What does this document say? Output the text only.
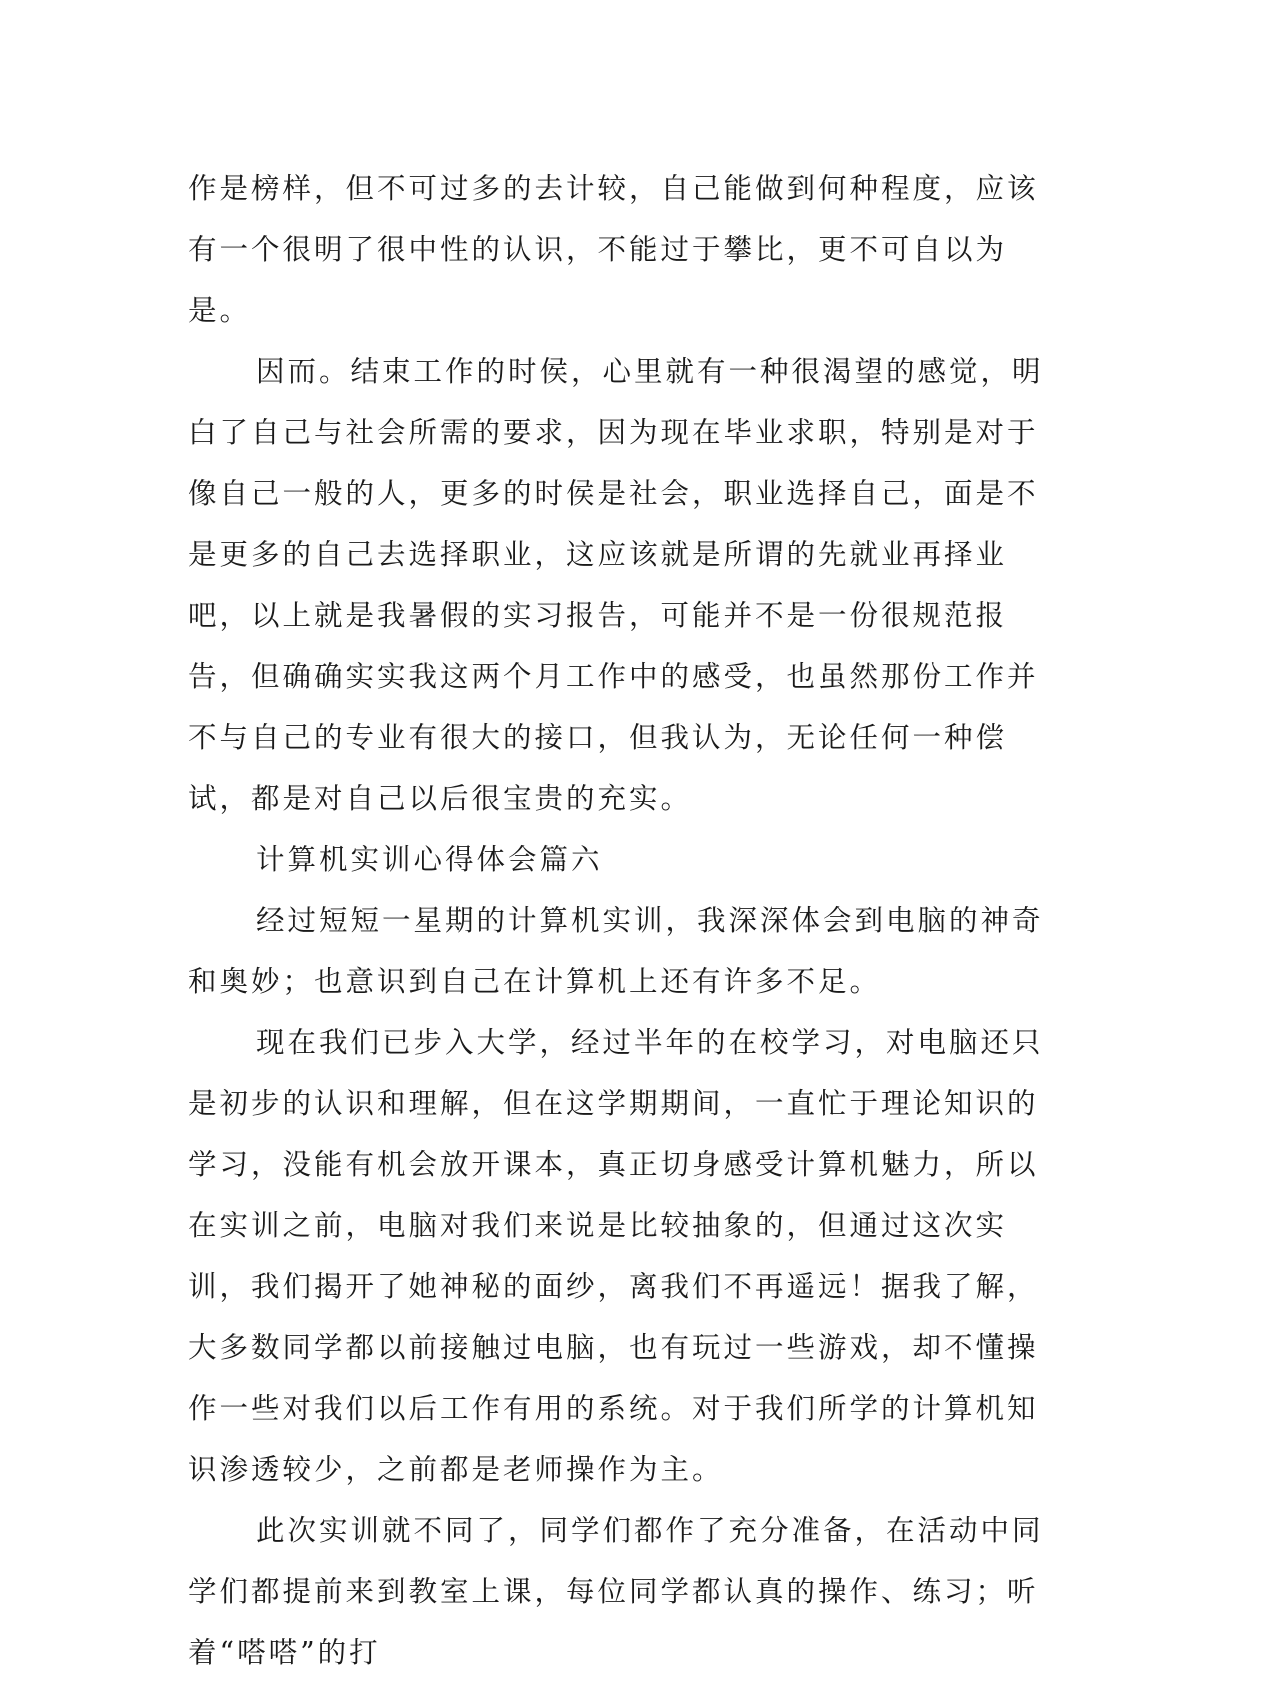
作是榜样，但不可过多的去计较，自己能做到何种程度，应该有一个很明了很中性的认识，不能过于攀比，更不可自以为是。

因而。结束工作的时侯，心里就有一种很渴望的感觉，明白了自己与社会所需的要求，因为现在毕业求职，特别是对于像自己一般的人，更多的时侯是社会，职业选择自己，面是不是更多的自己去选择职业，这应该就是所谓的先就业再择业吧，以上就是我暑假的实习报告，可能并不是一份很规范报告，但确确实实我这两个月工作中的感受，也虽然那份工作并不与自己的专业有很大的接口，但我认为，无论任何一种偿试，都是对自己以后很宝贵的充实。

计算机实训心得体会篇六

经过短短一星期的计算机实训，我深深体会到电脑的神奇和奥妙；也意识到自己在计算机上还有许多不足。

现在我们已步入大学，经过半年的在校学习，对电脑还只是初步的认识和理解，但在这学期期间，一直忙于理论知识的学习，没能有机会放开课本，真正切身感受计算机魅力，所以在实训之前，电脑对我们来说是比较抽象的，但通过这次实训，我们揭开了她神秘的面纱，离我们不再遥远！据我了解，大多数同学都以前接触过电脑，也有玩过一些游戏，却不懂操作一些对我们以后工作有用的系统。对于我们所学的计算机知识渗透较少，之前都是老师操作为主。

此次实训就不同了，同学们都作了充分准备，在活动中同学们都提前来到教室上课，每位同学都认真的操作、练习；听着“嗒嗒”的打
